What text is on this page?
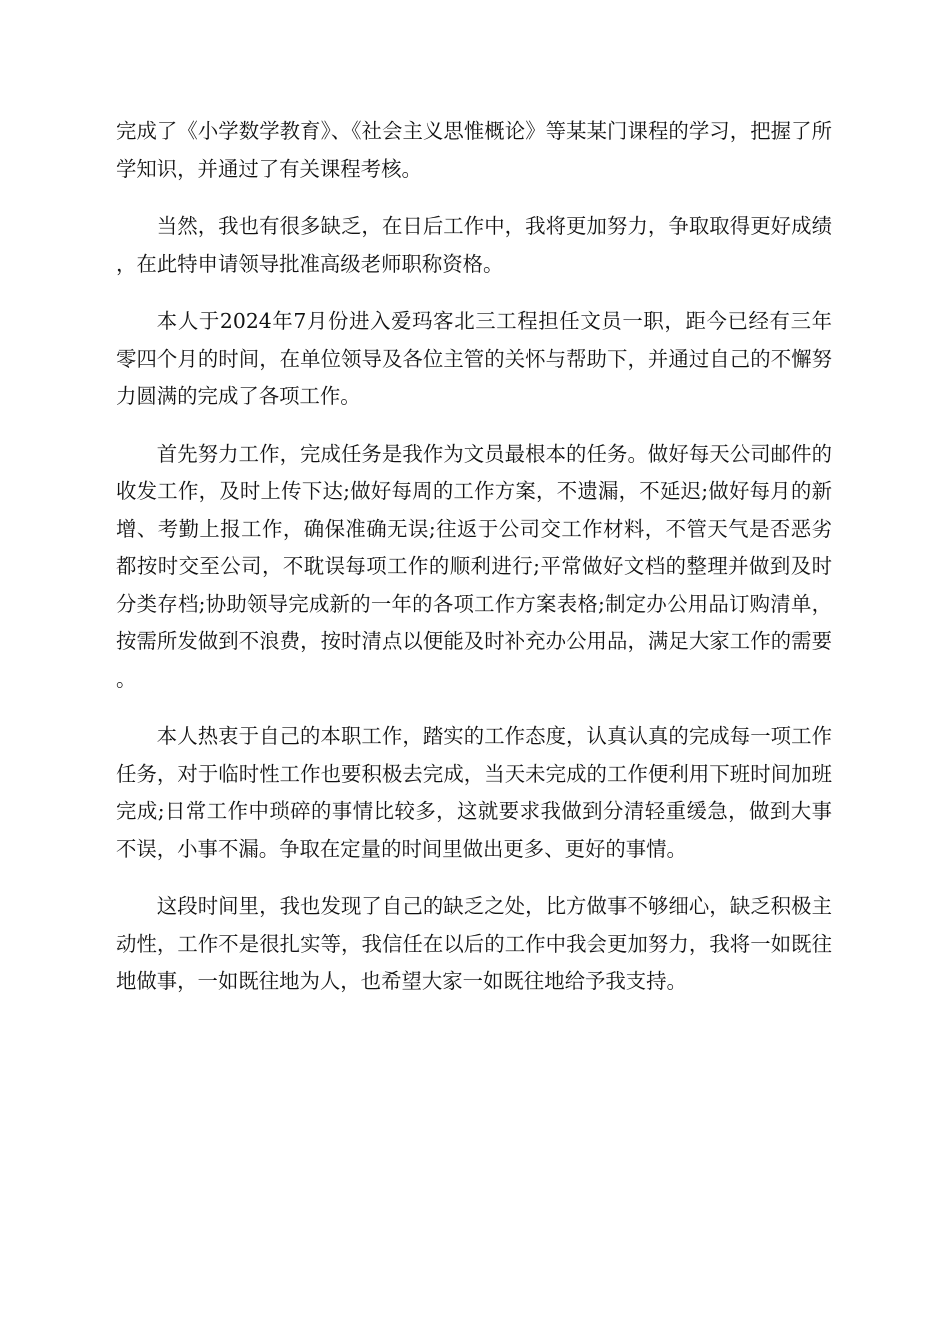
完成了《小学数学教育》、《社会主义思惟概论》等某某门课程的学习，把握了所学知识，并通过了有关课程考核。

当然，我也有很多缺乏，在日后工作中，我将更加努力，争取取得更好成绩，在此特申请领导批准高级老师职称资格。

本人于2024年7月份进入爱玛客北三工程担任文员一职，距今已经有三年零四个月的时间，在单位领导及各位主管的关怀与帮助下，并通过自己的不懈努力圆满的完成了各项工作。

首先努力工作，完成任务是我作为文员最根本的任务。做好每天公司邮件的收发工作，及时上传下达;做好每周的工作方案，不遗漏，不延迟;做好每月的新增、考勤上报工作，确保准确无误;往返于公司交工作材料，不管天气是否恶劣都按时交至公司，不耽误每项工作的顺利进行;平常做好文档的整理并做到及时分类存档;协助领导完成新的一年的各项工作方案表格;制定办公用品订购清单，按需所发做到不浪费，按时清点以便能及时补充办公用品，满足大家工作的需要。

本人热衷于自己的本职工作，踏实的工作态度，认真认真的完成每一项工作任务，对于临时性工作也要积极去完成，当天未完成的工作便利用下班时间加班完成;日常工作中琐碎的事情比较多，这就要求我做到分清轻重缓急，做到大事不误，小事不漏。争取在定量的时间里做出更多、更好的事情。

这段时间里，我也发现了自己的缺乏之处，比方做事不够细心，缺乏积极主动性，工作不是很扎实等，我信任在以后的工作中我会更加努力，我将一如既往地做事，一如既往地为人，也希望大家一如既往地给予我支持。
